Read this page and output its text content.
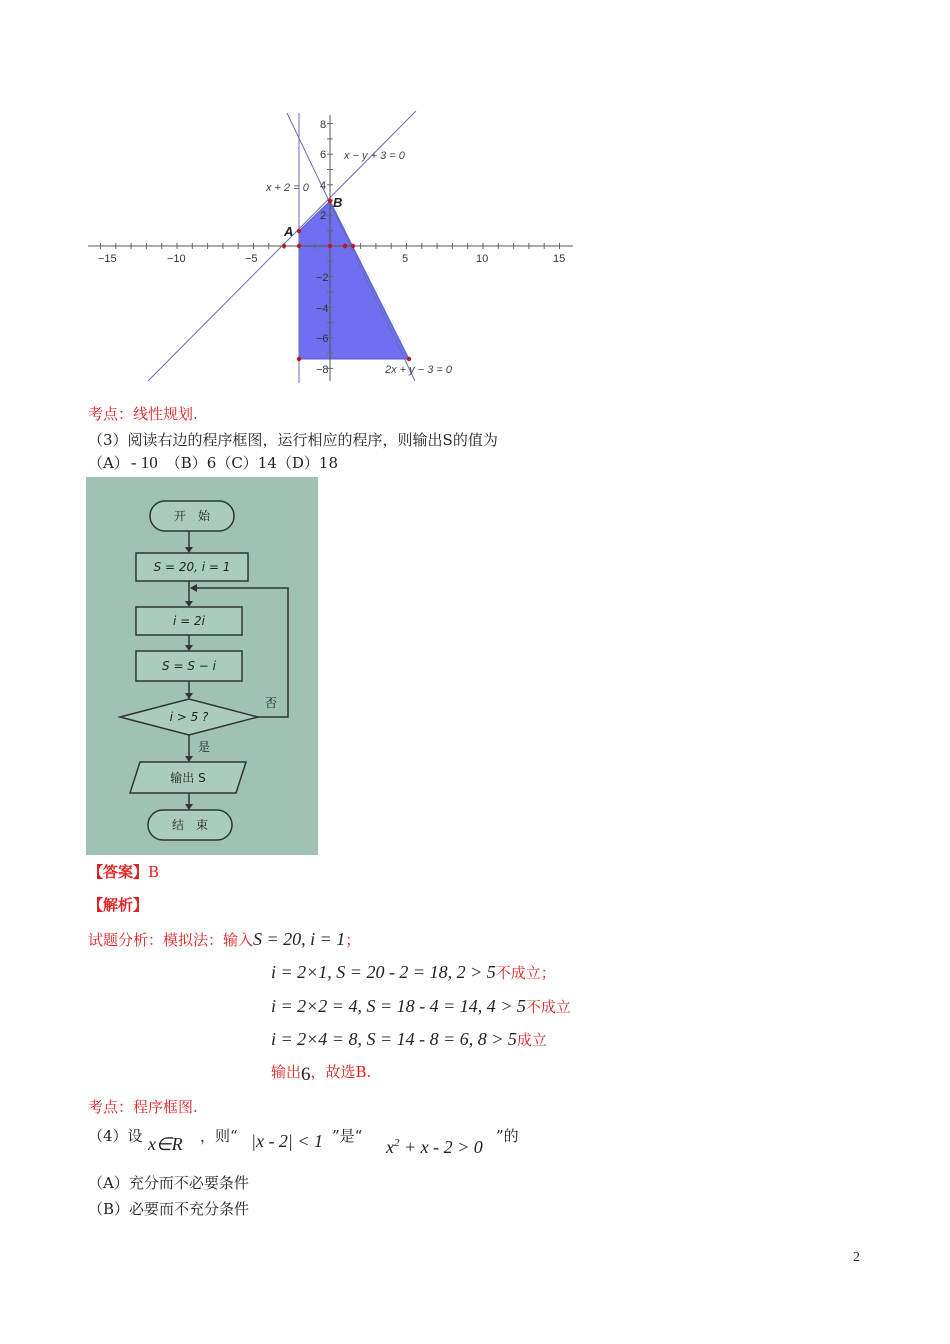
−15	−10	−5	5	10	15
8
6
4
2
−2
−4
−6
−8
x − y + 3 = 0
x + 2 = 0
2x + y − 3 = 0
A
B
考点：线性规划.
（3）阅读右边的程序框图，运行相应的程序，则输出S的值为
（A） - 10 （B）6（C）14（D）18
开　始
S = 20, i = 1
i = 2i
S = S − i
i > 5 ?
否
是
输出 S
结　束
【答案】B
【解析】
试题分析：模拟法：输入S = 20, i = 1；
i = 2×1, S = 20 - 2 = 18, 2 > 5不成立；
i = 2×2 = 4, S = 18 - 4 = 14, 4 > 5不成立
i = 2×4 = 8, S = 14 - 8 = 6, 8 > 5成立
输出6，故选B.
考点：程序框图.
（4）设 x∈R ，则“ |x - 2| < 1 ”是“
$x^2 + x - 2 > 0$
”的
（A）充分而不必要条件
（B）必要而不充分条件
2
